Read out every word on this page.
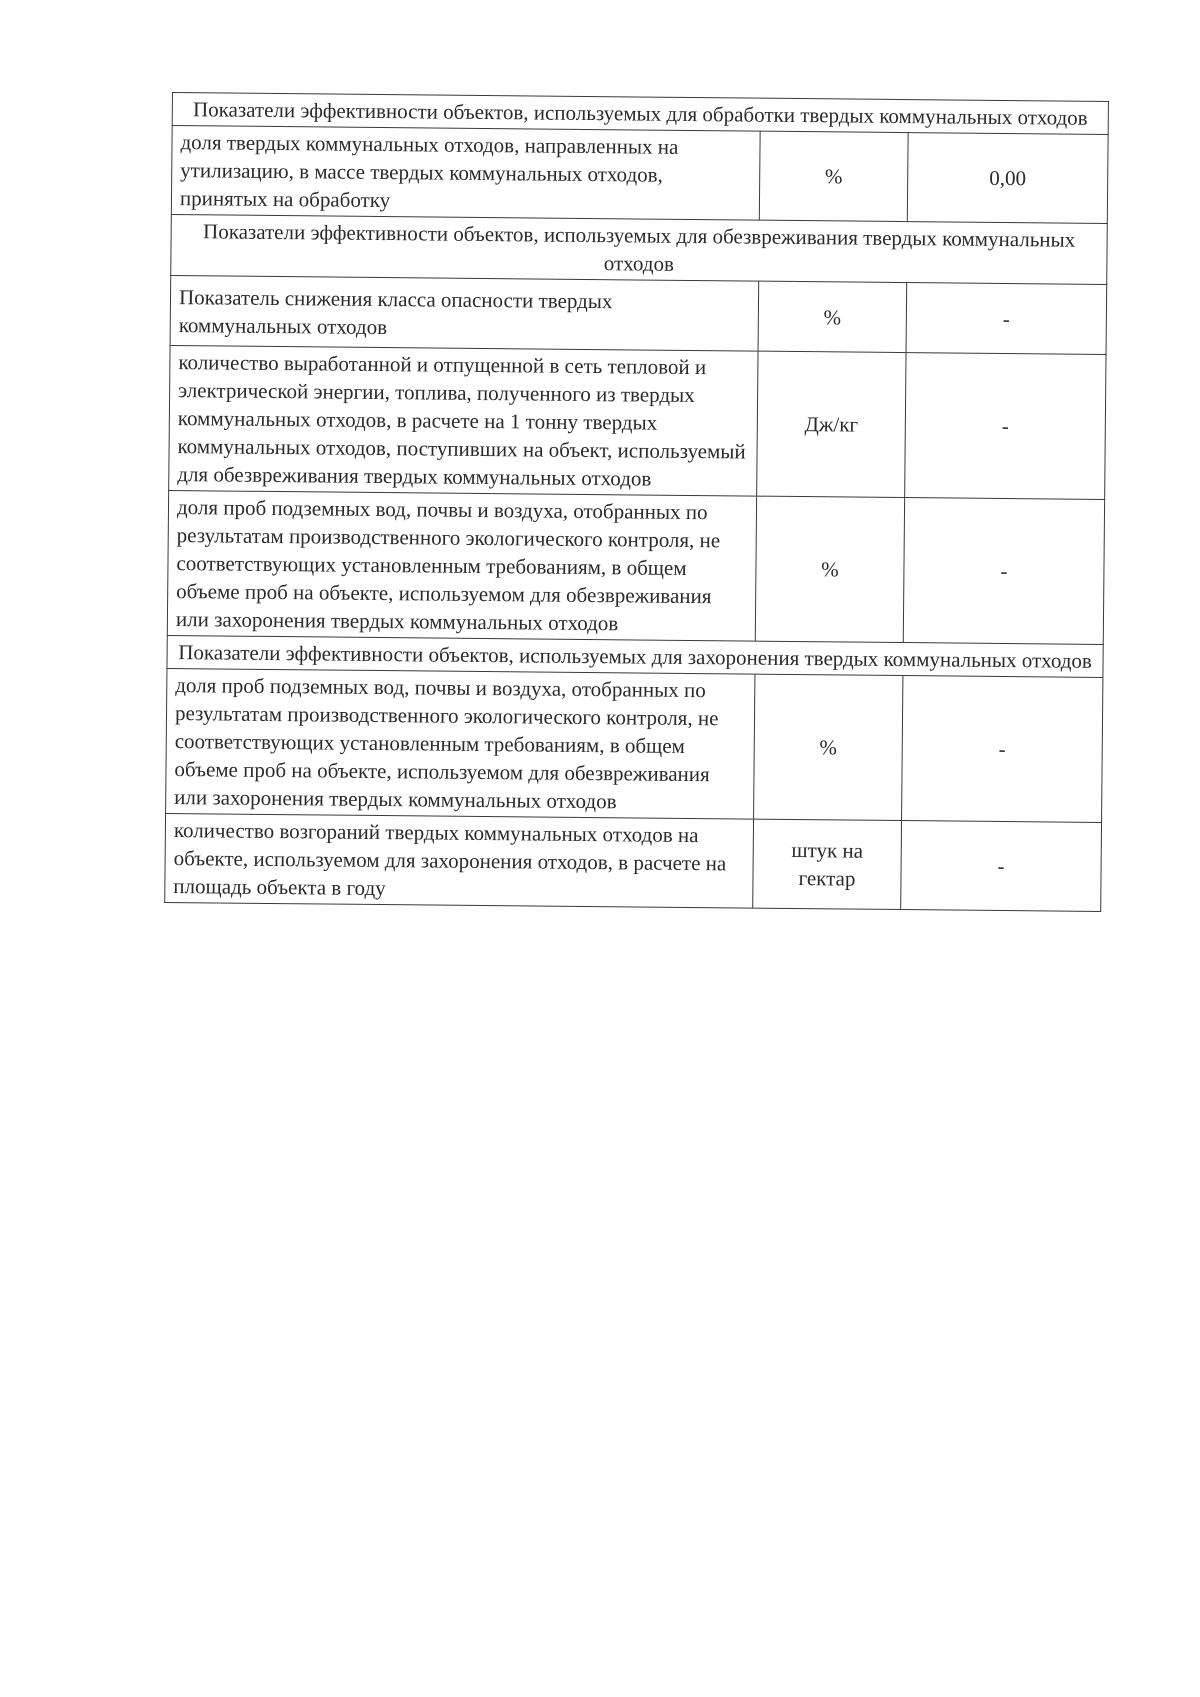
Показатели эффективности объектов, используемых для обработки твердых коммунальных отходов		
доля твердых коммунальных отходов, направленных на утилизацию, в массе твердых коммунальных отходов, принятых на обработку	%	0,00
Показатели эффективности объектов, используемых для обезвреживания твердых коммунальных отходов		
Показатель снижения класса опасности твердых коммунальных отходов	%	-
количество выработанной и отпущенной в сеть тепловой и электрической энергии, топлива, полученного из твердых коммунальных отходов, в расчете на 1 тонну твердых коммунальных отходов, поступивших на объект, используемый для обезвреживания твердых коммунальных отходов	Дж/кг	-
доля проб подземных вод, почвы и воздуха, отобранных по результатам производственного экологического контроля, не соответствующих установленным требованиям, в общем объеме проб на объекте, используемом для обезвреживания или захоронения твердых коммунальных отходов	%	-
Показатели эффективности объектов, используемых для захоронения твердых коммунальных отходов		
доля проб подземных вод, почвы и воздуха, отобранных по результатам производственного экологического контроля, не соответствующих установленным требованиям, в общем объеме проб на объекте, используемом для обезвреживания или захоронения твердых коммунальных отходов	%	-
количество возгораний твердых коммунальных отходов на объекте, используемом для захоронения отходов, в расчете на площадь объекта в году	штук на гектар	-
